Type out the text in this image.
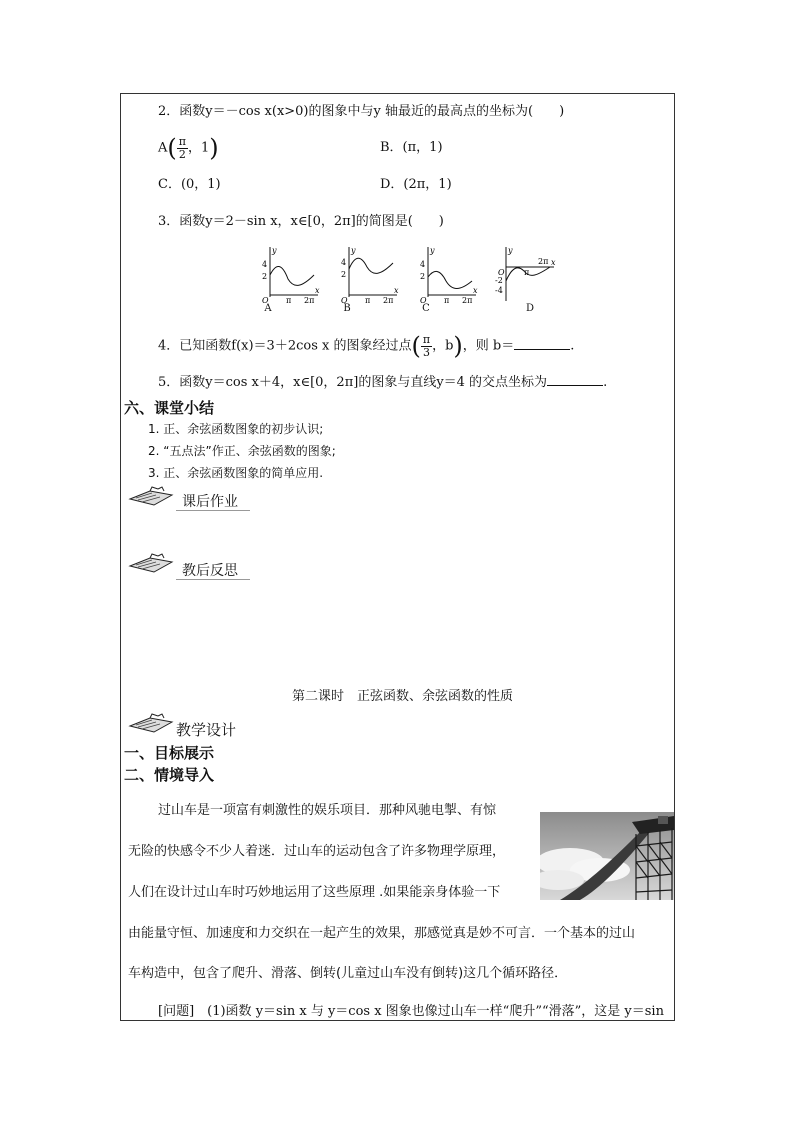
2．函数y＝－cos x(x>0)的图象中与y 轴最近的最高点的坐标为(　　)
$A( \frac{\pi}{2}$ ，1)	B．(π，1)
C．(0，1)	D．(2π，1)
3．函数y＝2－sin x，x∈[0，2π]的简图是(　　)
y
4
2
O π 2π
x
A
y
4
2
O π 2π
x
B
y
4
2
O π 2π
x
C
y
O
-2
-4
π
2π x
D
4．已知函数f(x)＝3＋2cos x 的图象经过点( $\frac{\pi}{3}$ ，b)，则 b＝	.
5．函数y＝cos x＋4，x∈[0，2π]的图象与直线y＝4 的交点坐标为	.
六、课堂小结
1. 正、余弦函数图象的初步认识;
2. “五点法”作正、余弦函数的图象;
3. 正、余弦函数图象的简单应用.
课后作业
教后反思
第二课时　正弦函数、余弦函数的性质
教学设计
一、目标展示
二、情境导入
过山车是一项富有刺激性的娱乐项目．那种风驰电掣、有惊
无险的快感令不少人着迷．过山车的运动包含了许多物理学原理，
人们在设计过山车时巧妙地运用了这些原理 .如果能亲身体验一下
由能量守恒、加速度和力交织在一起产生的效果，那感觉真是妙不可言．一个基本的过山
车构造中，包含了爬升、滑落、倒转(儿童过山车没有倒转)这几个循环路径．
[问题]　(1)函数 y＝sin x 与 y＝cos x 图象也像过山车一样“爬升”“滑落”，这是 y＝sin
